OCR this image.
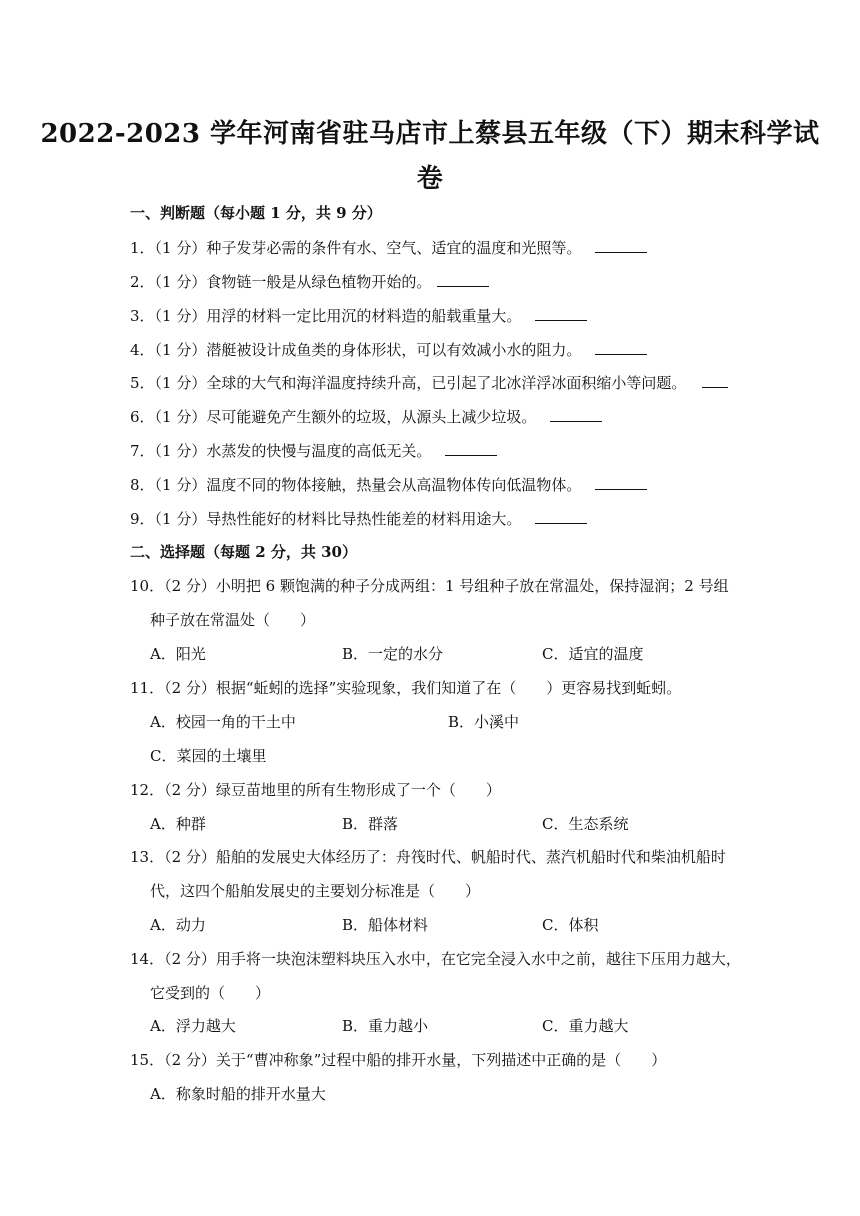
2022-2023 学年河南省驻马店市上蔡县五年级（下）期末科学试
卷
一、判断题（每小题 1 分，共 9 分）
1．（1 分）种子发芽必需的条件有水、空气、适宜的温度和光照等。
2．（1 分）食物链一般是从绿色植物开始的。
3．（1 分）用浮的材料一定比用沉的材料造的船载重量大。
4．（1 分）潜艇被设计成鱼类的身体形状，可以有效减小水的阻力。
5．（1 分）全球的大气和海洋温度持续升高，已引起了北冰洋浮冰面积缩小等问题。
6．（1 分）尽可能避免产生额外的垃圾，从源头上减少垃圾。
7．（1 分）水蒸发的快慢与温度的高低无关。
8．（1 分）温度不同的物体接触，热量会从高温物体传向低温物体。
9．（1 分）导热性能好的材料比导热性能差的材料用途大。
二、选择题（每题 2 分，共 30）
10．（2 分）小明把 6 颗饱满的种子分成两组：1 号组种子放在常温处，保持湿润；2 号组
种子放在常温处（　　）
A．阳光	B．一定的水分	C．适宜的温度
11．（2 分）根据“蚯蚓的选择”实验现象，我们知道了在（　　）更容易找到蚯蚓。
A．校园一角的干土中	B．小溪中
C．菜园的土壤里
12．（2 分）绿豆苗地里的所有生物形成了一个（　　）
A．种群	B．群落	C．生态系统
13．（2 分）船舶的发展史大体经历了：舟筏时代、帆船时代、蒸汽机船时代和柴油机船时
代，这四个船舶发展史的主要划分标准是（　　）
A．动力	B．船体材料	C．体积
14．（2 分）用手将一块泡沫塑料块压入水中，在它完全浸入水中之前，越往下压用力越大，
它受到的（　　）
A．浮力越大	B．重力越小	C．重力越大
15．（2 分）关于“曹冲称象”过程中船的排开水量，下列描述中正确的是（　　）
A．称象时船的排开水量大
